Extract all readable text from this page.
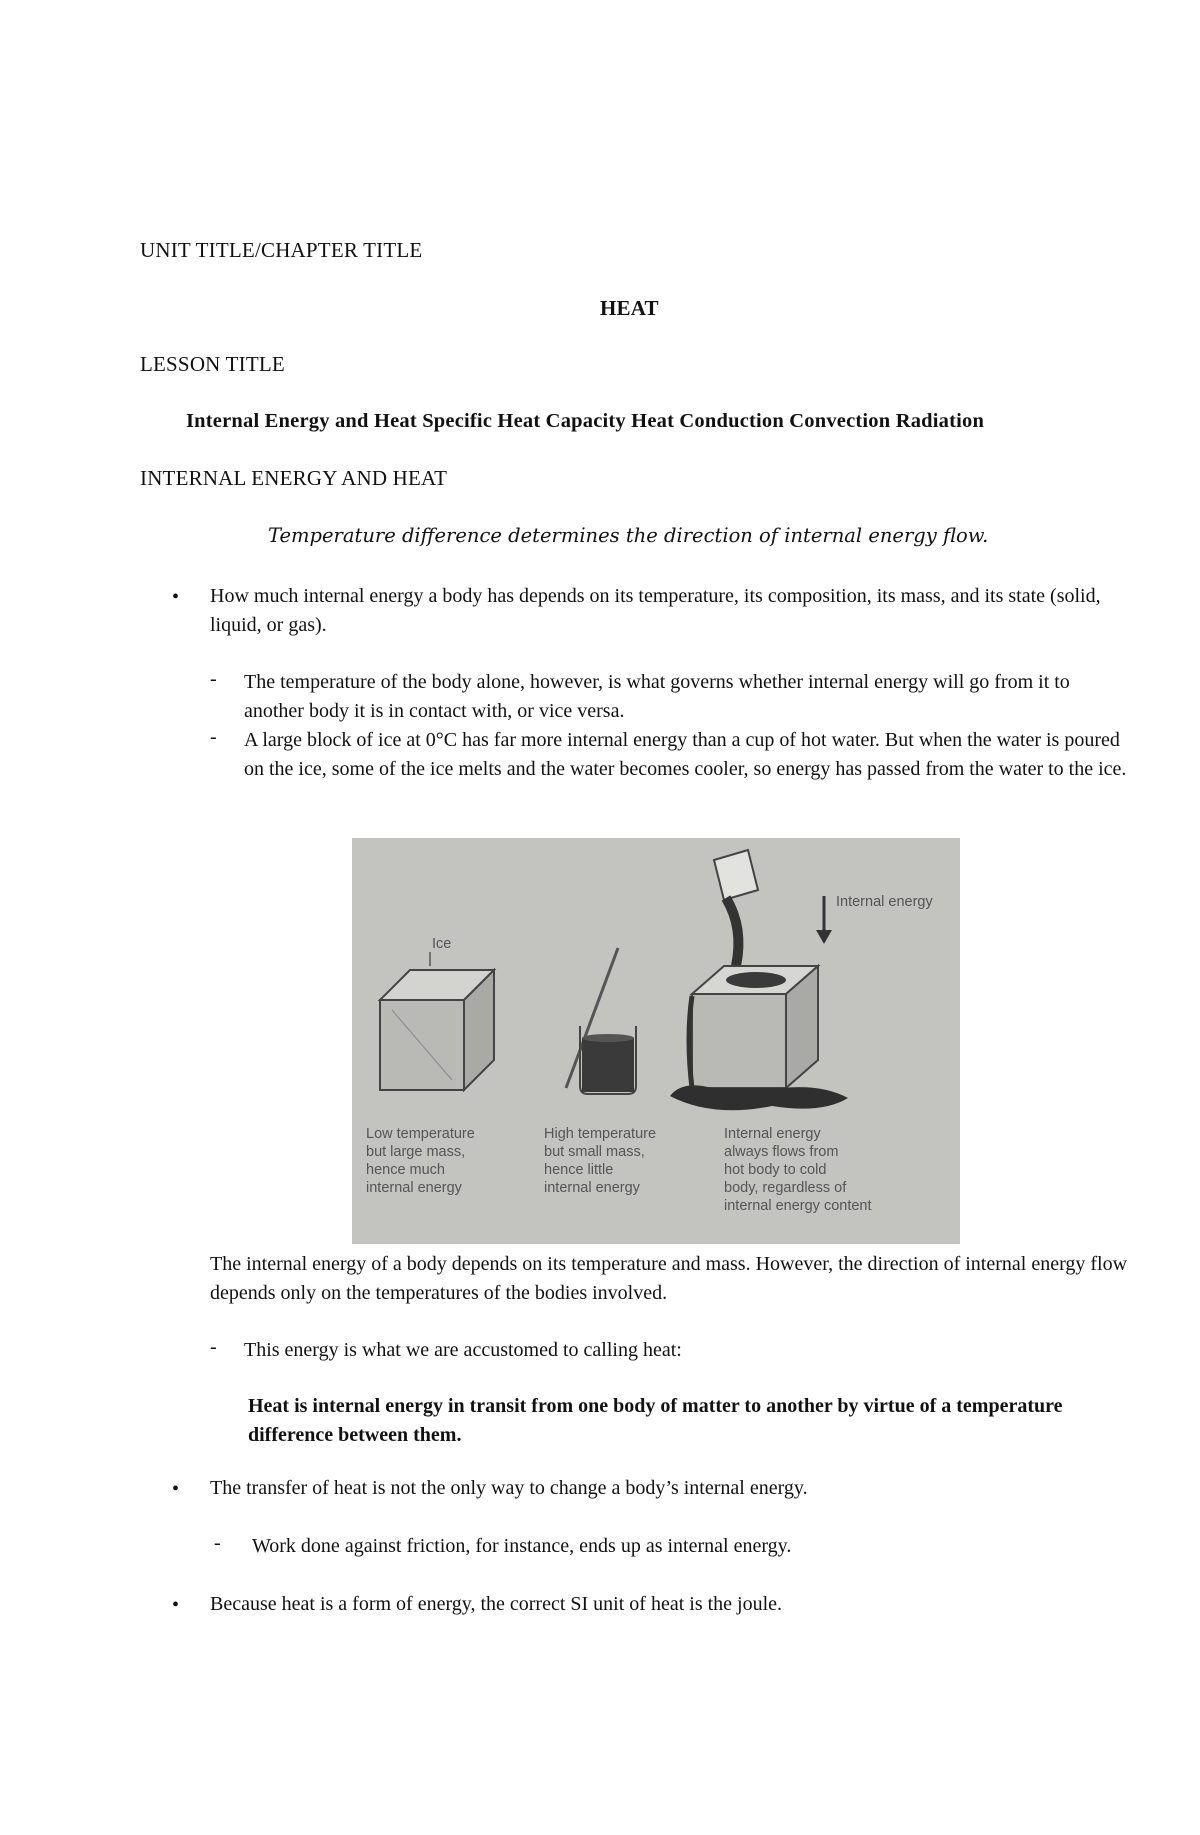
UNIT TITLE/CHAPTER TITLE
HEAT
LESSON TITLE
Internal Energy and Heat Specific Heat Capacity Heat Conduction Convection Radiation
INTERNAL ENERGY AND HEAT
Temperature difference determines the direction of internal energy flow.
• How much internal energy a body has depends on its temperature, its composition, its mass, and its state (solid, liquid, or gas).
- The temperature of the body alone, however, is what governs whether internal energy will go from it to another body it is in contact with, or vice versa.
- A large block of ice at 0°C has far more internal energy than a cup of hot water. But when the water is poured on the ice, some of the ice melts and the water becomes cooler, so energy has passed from the water to the ice.
Ice
Internal energy
Low temperature
but large mass,
hence much
internal energy
High temperature
but small mass,
hence little
internal energy
Internal energy
always flows from
hot body to cold
body, regardless of
internal energy content
The internal energy of a body depends on its temperature and mass. However, the direction of internal energy flow depends only on the temperatures of the bodies involved.
- This energy is what we are accustomed to calling heat:
Heat is internal energy in transit from one body of matter to another by virtue of a temperature difference between them.
• The transfer of heat is not the only way to change a body’s internal energy.
- Work done against friction, for instance, ends up as internal energy.
• Because heat is a form of energy, the correct SI unit of heat is the joule.
